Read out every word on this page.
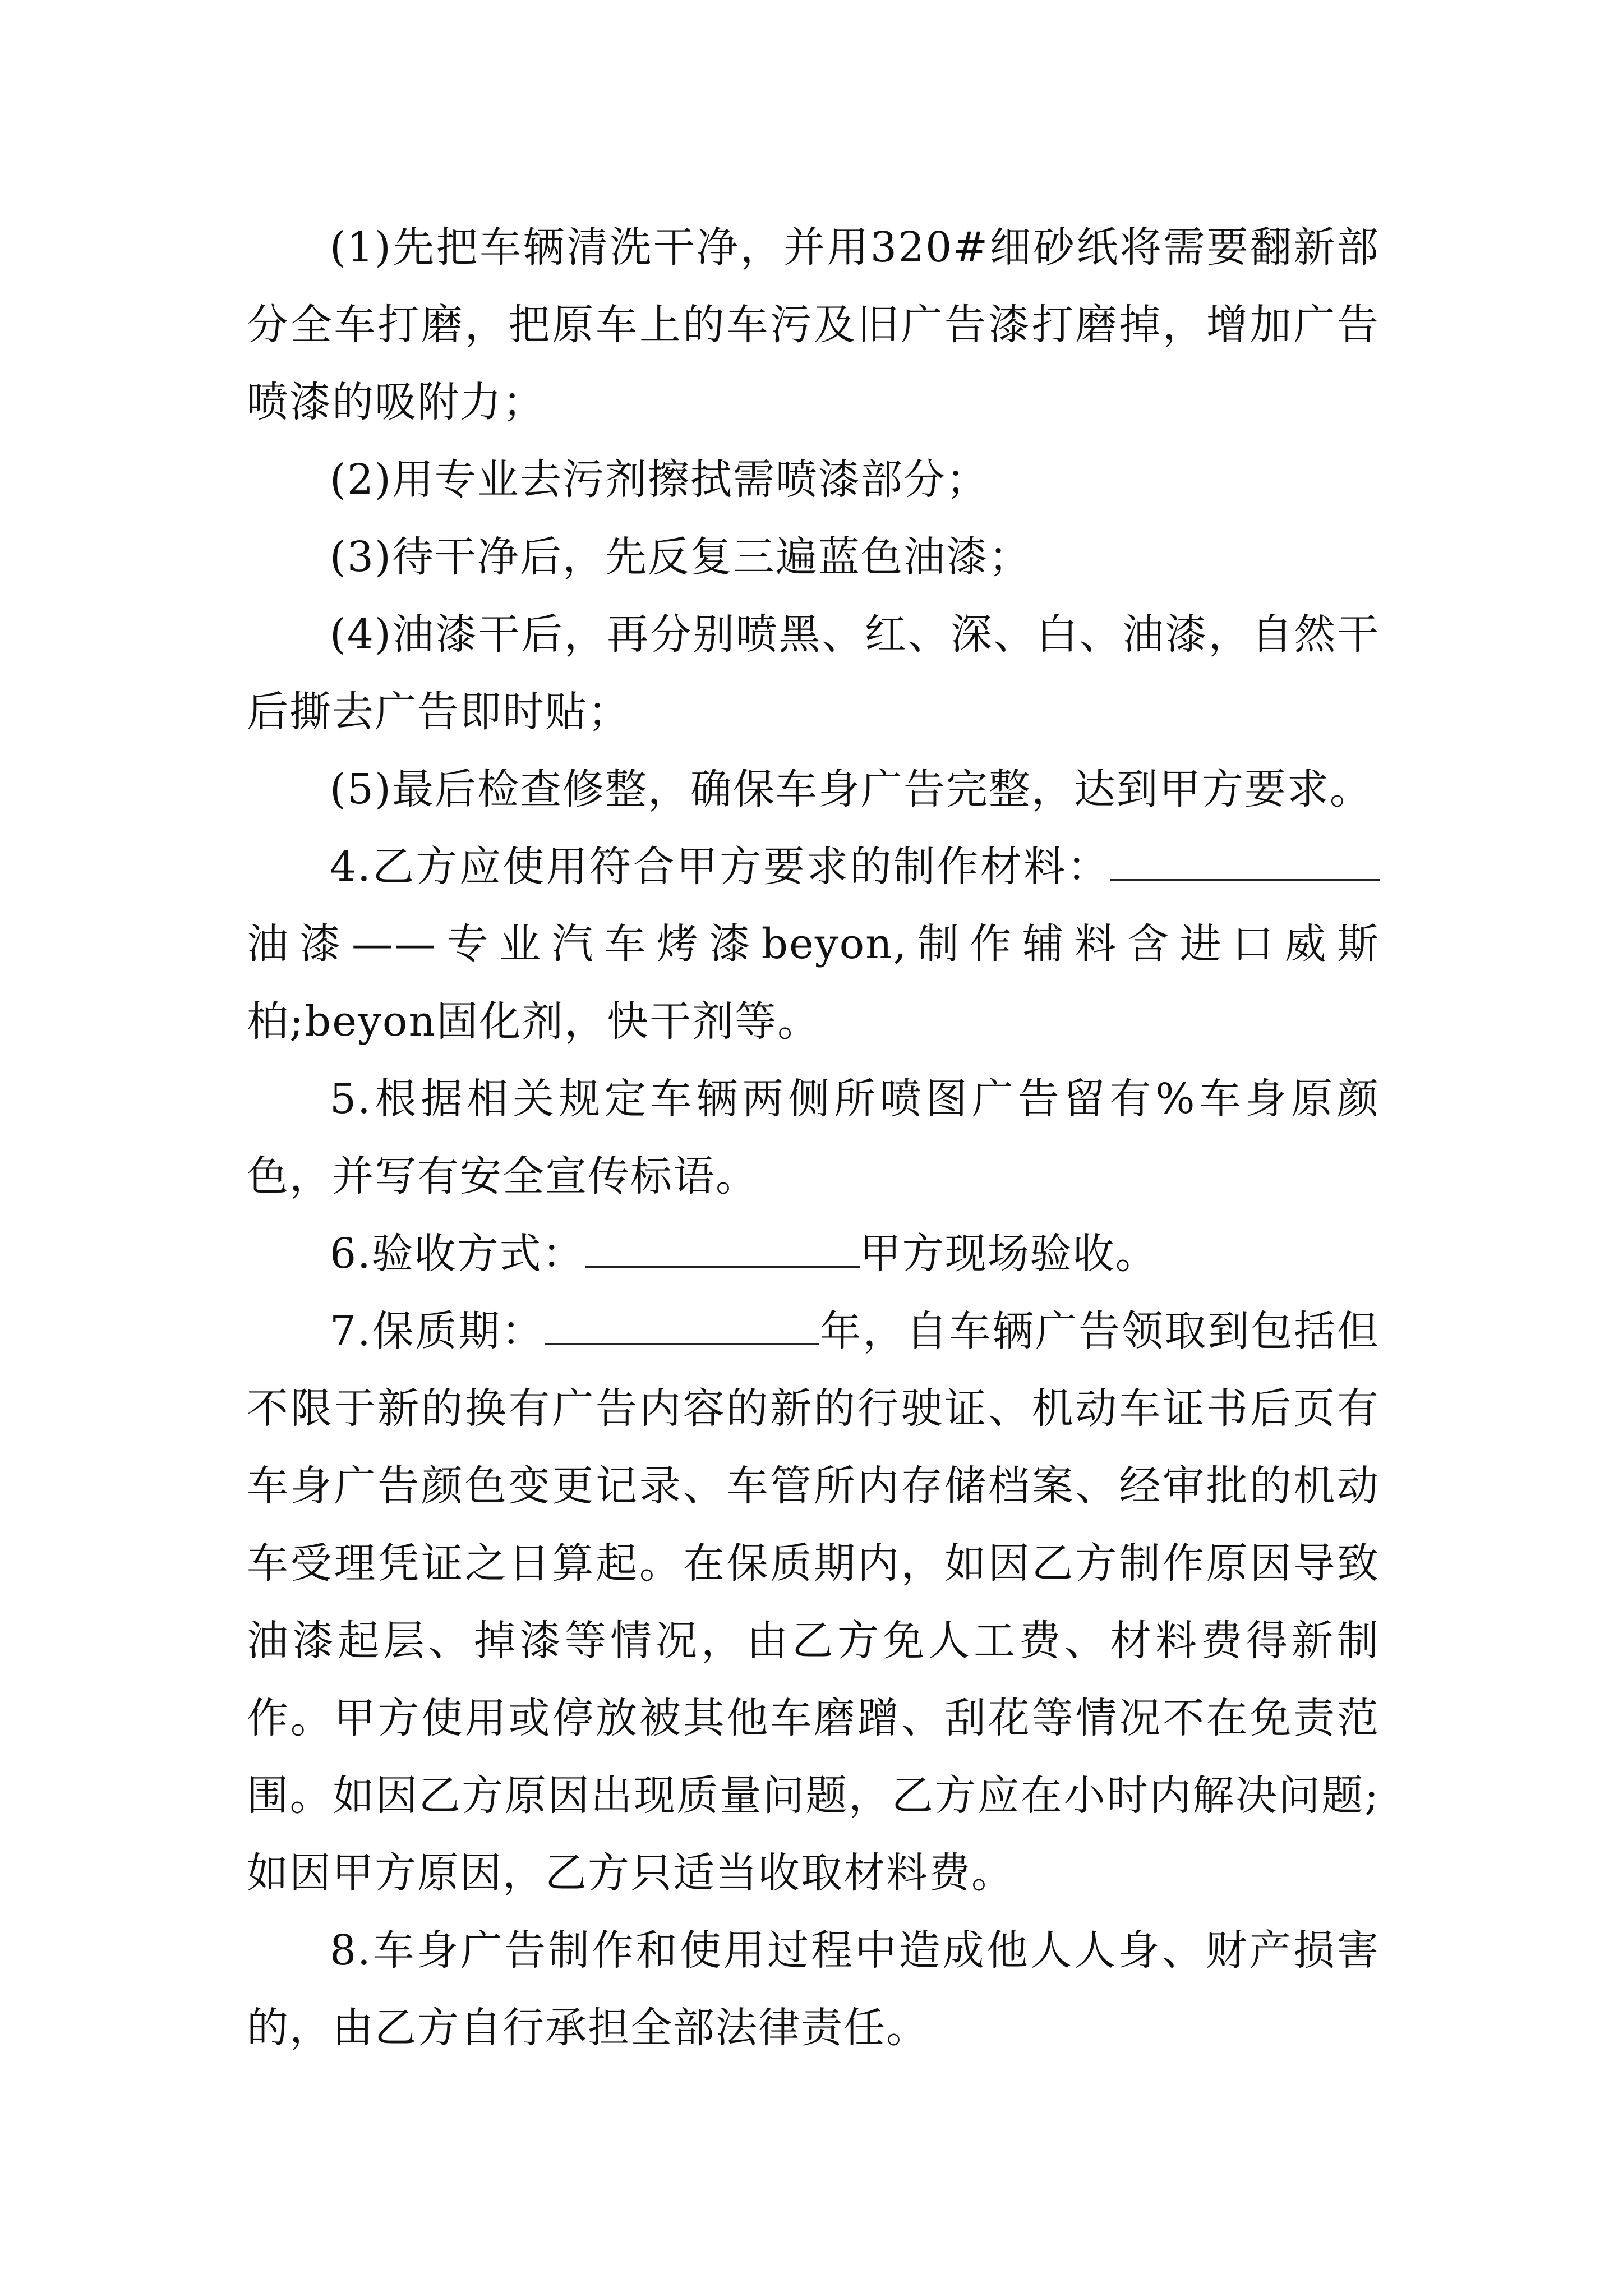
(1)先把车辆清洗干净，并用320#细砂纸将需要翻新部分全车打磨，把原车上的车污及旧广告漆打磨掉，增加广告喷漆的吸附力；

(2)用专业去污剂擦拭需喷漆部分；

(3)待干净后，先反复三遍蓝色油漆；

(4)油漆干后，再分别喷黑、红、深、白、油漆，自然干后撕去广告即时贴；

(5)最后检查修整，确保车身广告完整，达到甲方要求。

4.乙方应使用符合甲方要求的制作材料：油漆——专业汽车烤漆beyon,制作辅料含进口威斯柏;beyon固化剂，快干剂等。

5.根据相关规定车辆两侧所喷图广告留有%车身原颜色，并写有安全宣传标语。

6.验收方式：	甲方现场验收。

7.保质期：	年，自车辆广告领取到包括但不限于新的换有广告内容的新的行驶证、机动车证书后页有车身广告颜色变更记录、车管所内存储档案、经审批的机动车受理凭证之日算起。在保质期内，如因乙方制作原因导致油漆起层、掉漆等情况，由乙方免人工费、材料费得新制作。甲方使用或停放被其他车磨蹭、刮花等情况不在免责范围。如因乙方原因出现质量问题，乙方应在小时内解决问题;如因甲方原因，乙方只适当收取材料费。

8.车身广告制作和使用过程中造成他人人身、财产损害的，由乙方自行承担全部法律责任。
